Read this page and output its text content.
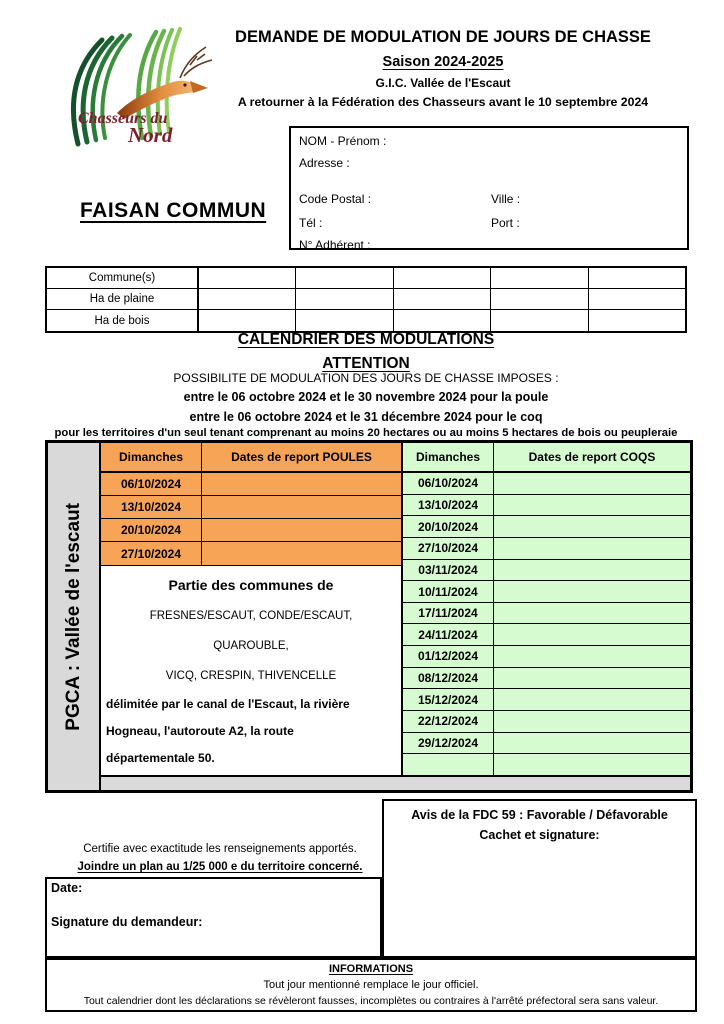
Chasseurs du
Nord
DEMANDE DE MODULATION DE JOURS DE CHASSE
Saison 2024-2025
G.I.C. Vallée de l'Escaut
A retourner à la Fédération des Chasseurs avant le 10 septembre 2024
FAISAN COMMUN
NOM - Prénom :
Adresse :
Code Postal :	Ville :
Tél :	Port :
N° Adhérent :
Commune(s)
Ha de plaine
Ha de bois
CALENDRIER DES MODULATIONS
ATTENTION
POSSIBILITE DE MODULATION DES JOURS DE CHASSE IMPOSES :
entre le 06 octobre 2024 et le 30 novembre 2024 pour la poule
entre le 06 octobre 2024 et le 31 décembre 2024 pour le coq
pour les territoires d'un seul tenant comprenant au moins 20 hectares ou au moins 5 hectares de bois ou peupleraie
PGCA : Vallée de l'escaut
Dimanches	Dates de report POULES
06/10/2024
13/10/2024
20/10/2024
27/10/2024
Partie des communes de
FRESNES/ESCAUT, CONDE/ESCAUT,
QUAROUBLE,
VICQ, CRESPIN, THIVENCELLE
délimitée par le canal de l'Escaut, la rivière
Hogneau, l'autoroute A2, la route
départementale 50.
Dimanches	Dates de report COQS
06/10/2024
13/10/2024
20/10/2024
27/10/2024
03/11/2024
10/11/2024
17/11/2024
24/11/2024
01/12/2024
08/12/2024
15/12/2024
22/12/2024
29/12/2024
Avis de la FDC 59 : Favorable / Défavorable
Cachet et signature:
Certifie avec exactitude les renseignements apportés.
Joindre un plan au 1/25 000 e du territoire concerné.
Date:
Signature du demandeur:
INFORMATIONS
Tout jour mentionné remplace le jour officiel.
Tout calendrier dont les déclarations se révèleront fausses, incomplètes ou contraires à l'arrêté préfectoral sera sans valeur.
